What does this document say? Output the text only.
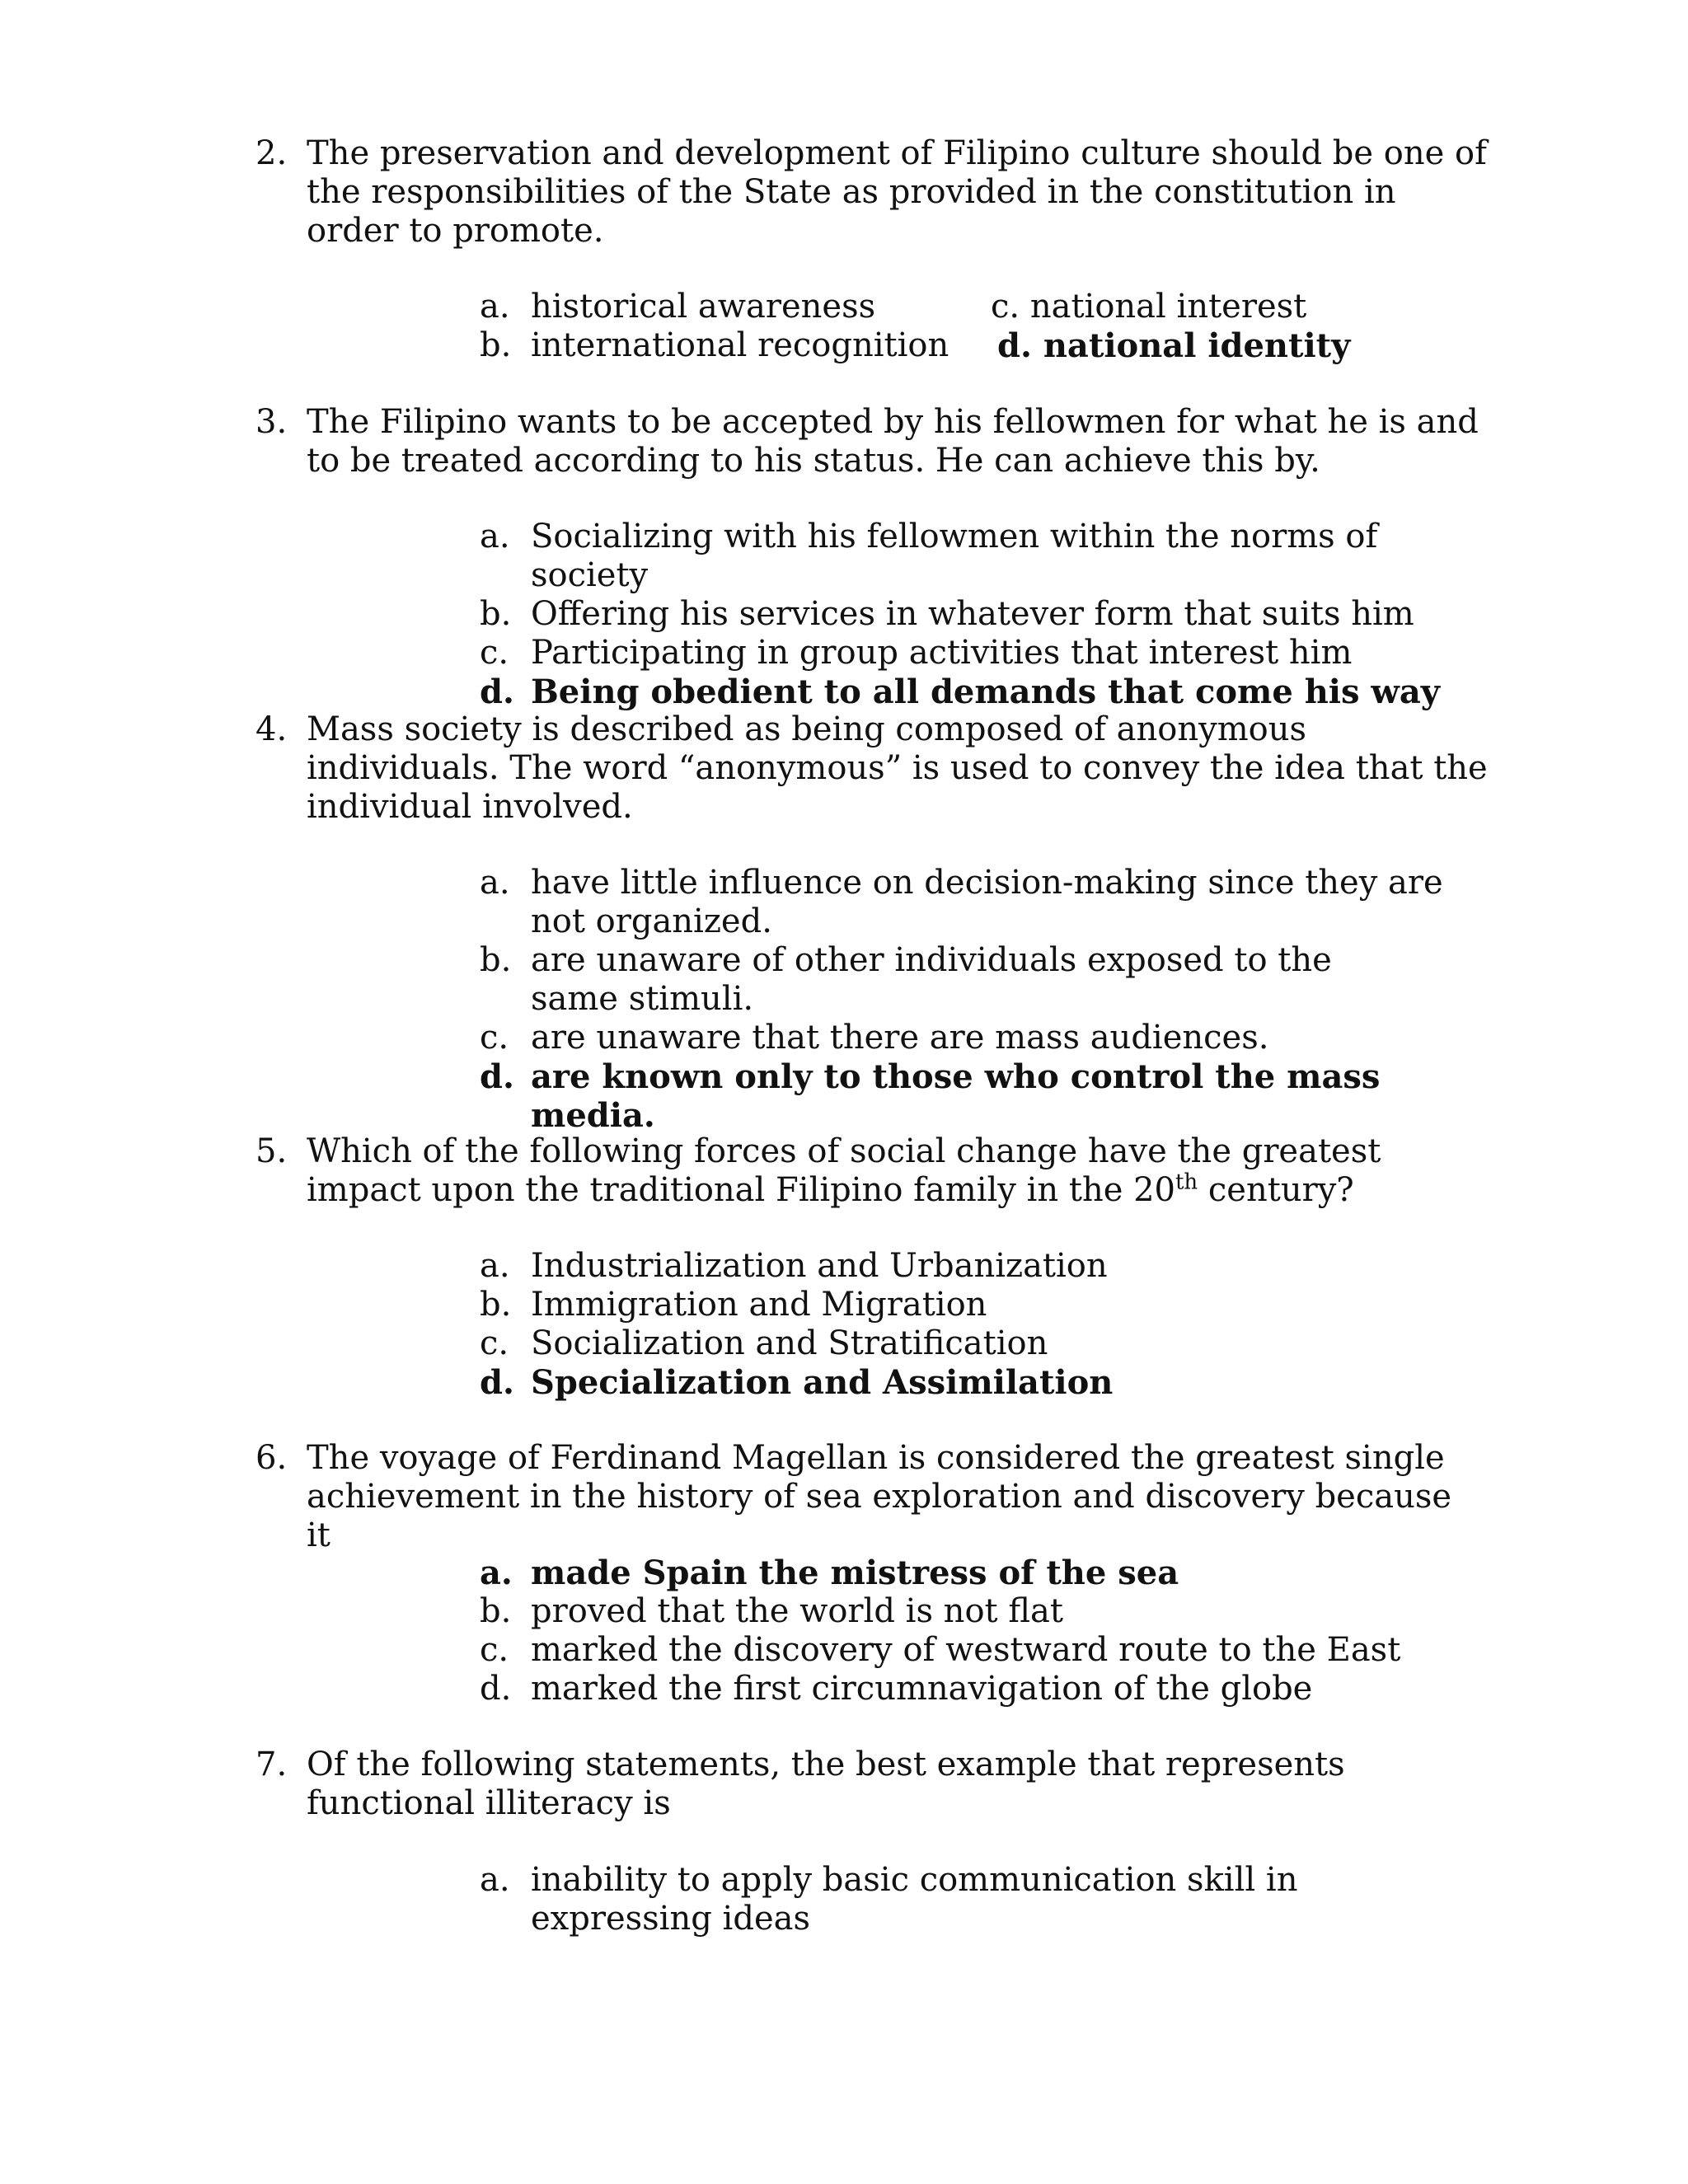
2. The preservation and development of Filipino culture should be one of the responsibilities of the State as provided in the constitution in order to promote.
a. historical awareness	c. national interest
b. international recognition d. national identity
3. The Filipino wants to be accepted by his fellowmen for what he is and to be treated according to his status. He can achieve this by.
a. Socializing with his fellowmen within the norms of society
b. Offering his services in whatever form that suits him
c. Participating in group activities that interest him
d. Being obedient to all demands that come his way
4. Mass society is described as being composed of anonymous individuals. The word “anonymous” is used to convey the idea that the individual involved.
a. have little influence on decision-making since they are not organized.
b. are unaware of other individuals exposed to the same stimuli.
c. are unaware that there are mass audiences.
d. are known only to those who control the mass media.
5. Which of the following forces of social change have the greatest impact upon the traditional Filipino family in the 20th century?
a. Industrialization and Urbanization
b. Immigration and Migration
c. Socialization and Stratification
d. Specialization and Assimilation
6. The voyage of Ferdinand Magellan is considered the greatest single achievement in the history of sea exploration and discovery because it
a. made Spain the mistress of the sea
b. proved that the world is not flat
c. marked the discovery of westward route to the East
d. marked the first circumnavigation of the globe
7. Of the following statements, the best example that represents functional illiteracy is
a. inability to apply basic communication skill in expressing ideas
